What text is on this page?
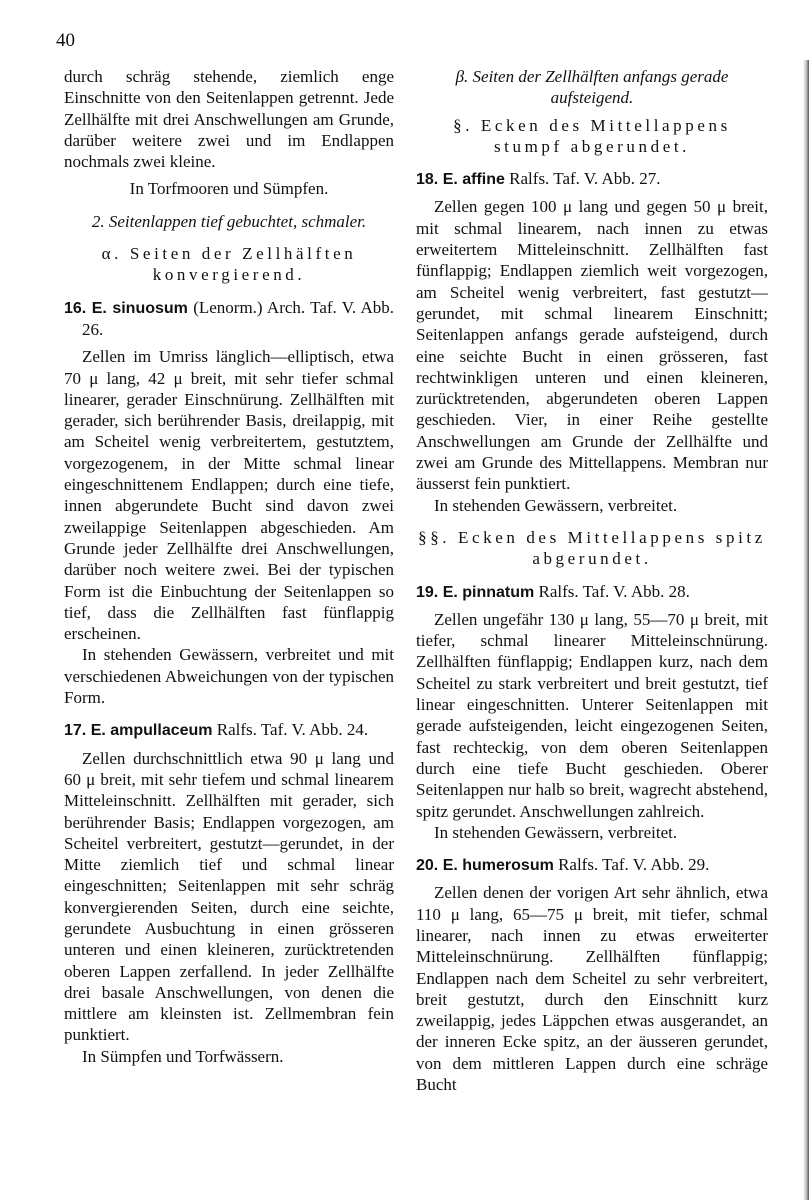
40

durch schräg stehende, ziemlich enge Einschnitte von den Seitenlappen getrennt. Jede Zellhälfte mit drei Anschwellungen am Grunde, darüber weitere zwei und im Endlappen nochmals zwei kleine.

In Torfmooren und Sümpfen.

2. Seitenlappen tief gebuchtet, schmaler.

α. Seiten der Zellhälften konvergierend.

16. E. sinuosum (Lenorm.) Arch. Taf. V. Abb. 26.

Zellen im Umriss länglich—elliptisch, etwa 70 μ lang, 42 μ breit, mit sehr tiefer schmal linearer, gerader Einschnürung. Zellhälften mit gerader, sich berührender Basis, dreilappig, mit am Scheitel wenig verbreitertem, gestutztem, vorgezogenem, in der Mitte schmal linear eingeschnittenem Endlappen; durch eine tiefe, innen abgerundete Bucht sind davon zwei zweilappige Seitenlappen abgeschieden. Am Grunde jeder Zellhälfte drei Anschwellungen, darüber noch weitere zwei. Bei der typischen Form ist die Einbuchtung der Seitenlappen so tief, dass die Zellhälften fast fünflappig erscheinen.

In stehenden Gewässern, verbreitet und mit verschiedenen Abweichungen von der typischen Form.

17. E. ampullaceum Ralfs. Taf. V. Abb. 24.

Zellen durchschnittlich etwa 90 μ lang und 60 μ breit, mit sehr tiefem und schmal linearem Mitteleinschnitt. Zellhälften mit gerader, sich berührender Basis; Endlappen vorgezogen, am Scheitel verbreitert, gestutzt—gerundet, in der Mitte ziemlich tief und schmal linear eingeschnitten; Seitenlappen mit sehr schräg konvergierenden Seiten, durch eine seichte, gerundete Ausbuchtung in einen grösseren unteren und einen kleineren, zurücktretenden oberen Lappen zerfallend. In jeder Zellhälfte drei basale Anschwellungen, von denen die mittlere am kleinsten ist. Zellmembran fein punktiert.

In Sümpfen und Torfwässern.

β. Seiten der Zellhälften anfangs gerade aufsteigend.

§. Ecken des Mittellappens stumpf abgerundet.

18. E. affine Ralfs. Taf. V. Abb. 27.

Zellen gegen 100 μ lang und gegen 50 μ breit, mit schmal linearem, nach innen zu etwas erweitertem Mitteleinschnitt. Zellhälften fast fünflappig; Endlappen ziemlich weit vorgezogen, am Scheitel wenig verbreitert, fast gestutzt—gerundet, mit schmal linearem Einschnitt; Seitenlappen anfangs gerade aufsteigend, durch eine seichte Bucht in einen grösseren, fast rechtwinkligen unteren und einen kleineren, zurücktretenden, abgerundeten oberen Lappen geschieden. Vier, in einer Reihe gestellte Anschwellungen am Grunde der Zellhälfte und zwei am Grunde des Mittellappens. Membran nur äusserst fein punktiert.

In stehenden Gewässern, verbreitet.

§§. Ecken des Mittellappens spitz abgerundet.

19. E. pinnatum Ralfs. Taf. V. Abb. 28.

Zellen ungefähr 130 μ lang, 55—70 μ breit, mit tiefer, schmal linearer Mitteleinschnürung. Zellhälften fünflappig; Endlappen kurz, nach dem Scheitel zu stark verbreitert und breit gestutzt, tief linear eingeschnitten. Unterer Seitenlappen mit gerade aufsteigenden, leicht eingezogenen Seiten, fast rechteckig, von dem oberen Seitenlappen durch eine tiefe Bucht geschieden. Oberer Seitenlappen nur halb so breit, wagrecht abstehend, spitz gerundet. Anschwellungen zahlreich.

In stehenden Gewässern, verbreitet.

20. E. humerosum Ralfs. Taf. V. Abb. 29.

Zellen denen der vorigen Art sehr ähnlich, etwa 110 μ lang, 65—75 μ breit, mit tiefer, schmal linearer, nach innen zu etwas erweiterter Mitteleinschnürung. Zellhälften fünflappig; Endlappen nach dem Scheitel zu sehr verbreitert, breit gestutzt, durch den Einschnitt kurz zweilappig, jedes Läppchen etwas ausgerandet, an der inneren Ecke spitz, an der äusseren gerundet, von dem mittleren Lappen durch eine schräge Bucht
